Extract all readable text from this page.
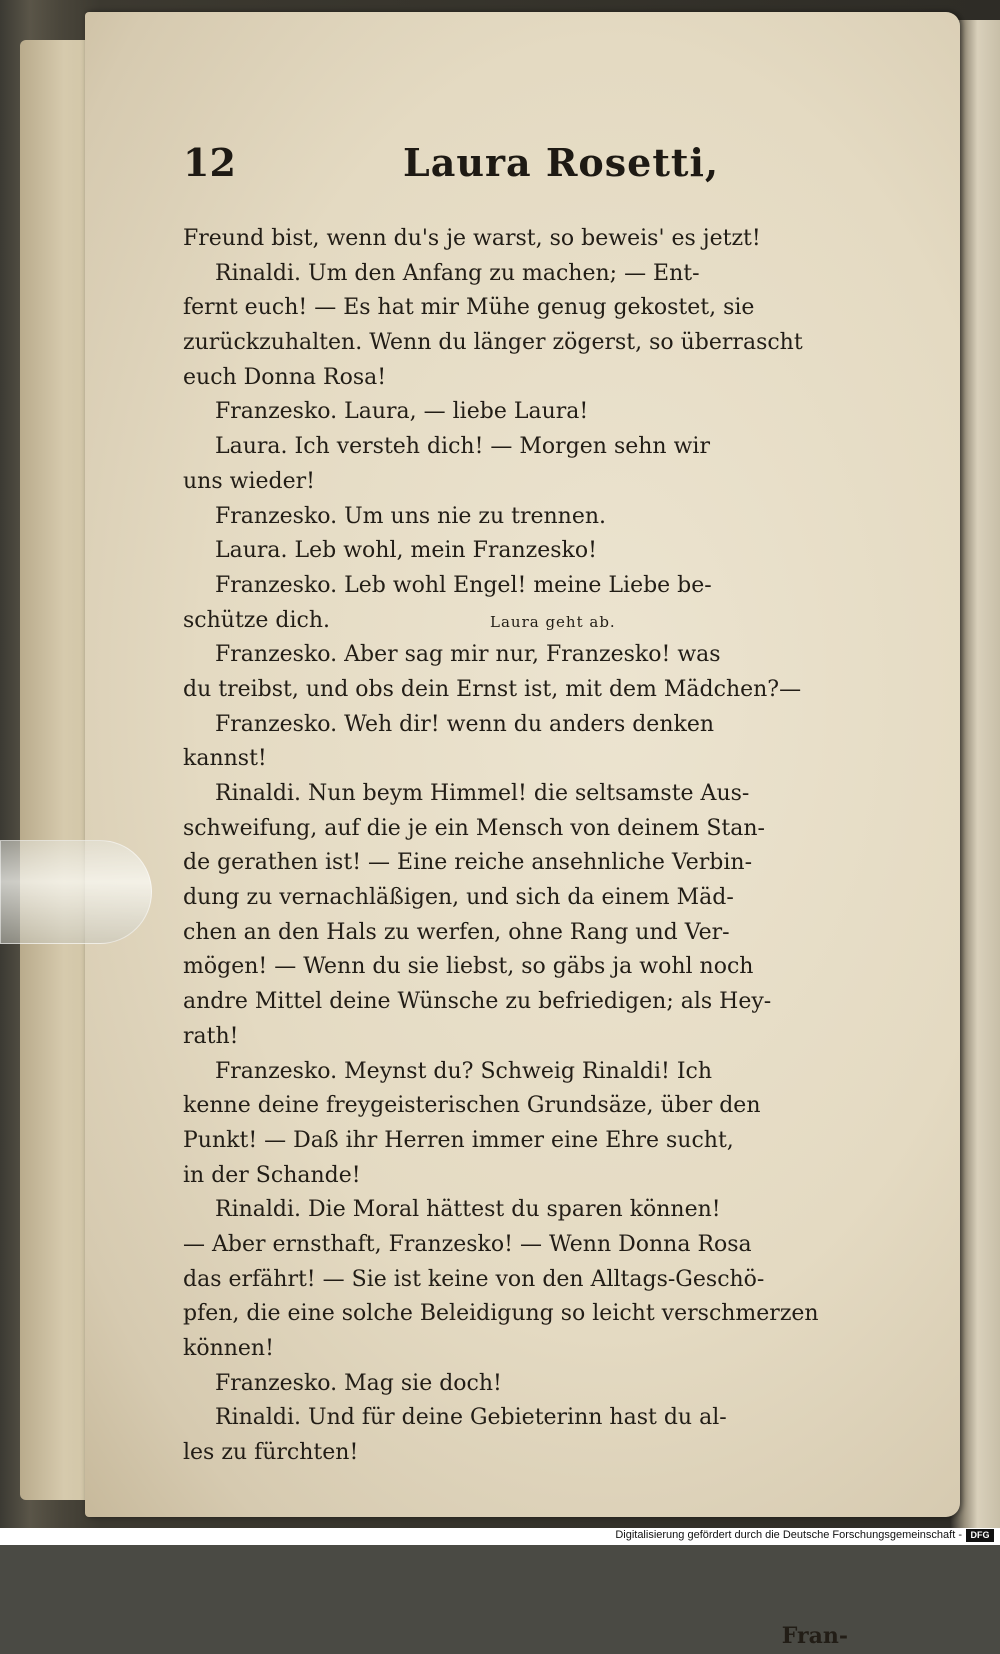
12	Laura Rosetti,
Freund bist, wenn du's je warst, so beweis' es jetzt!
Rinaldi. Um den Anfang zu machen; — Ent-
fernt euch! — Es hat mir Mühe genug gekostet, sie
zurückzuhalten. Wenn du länger zögerst, so überrascht
euch Donna Rosa!
Franzesko. Laura, — liebe Laura!
Laura. Ich versteh dich! — Morgen sehn wir
uns wieder!
Franzesko. Um uns nie zu trennen.
Laura. Leb wohl, mein Franzesko!
Franzesko. Leb wohl Engel! meine Liebe be-
schütze dich.	Laura geht ab.
Franzesko. Aber sag mir nur, Franzesko! was
du treibst, und obs dein Ernst ist, mit dem Mädchen?—
Franzesko. Weh dir! wenn du anders denken
kannst!
Rinaldi. Nun beym Himmel! die seltsamste Aus-
schweifung, auf die je ein Mensch von deinem Stan-
de gerathen ist! — Eine reiche ansehnliche Verbin-
dung zu vernachläßigen, und sich da einem Mäd-
chen an den Hals zu werfen, ohne Rang und Ver-
mögen! — Wenn du sie liebst, so gäbs ja wohl noch
andre Mittel deine Wünsche zu befriedigen; als Hey-
rath!
Franzesko. Meynst du? Schweig Rinaldi! Ich
kenne deine freygeisterischen Grundsäze, über den
Punkt! — Daß ihr Herren immer eine Ehre sucht,
in der Schande!
Rinaldi. Die Moral hättest du sparen können!
— Aber ernsthaft, Franzesko! — Wenn Donna Rosa
das erfährt! — Sie ist keine von den Alltags-Geschö-
pfen, die eine solche Beleidigung so leicht verschmerzen
können!
Franzesko. Mag sie doch!
Rinaldi. Und für deine Gebieterinn hast du al-
les zu fürchten!
Fran-
Digitalisierung gefördert durch die Deutsche Forschungsgemeinschaft - DFG
